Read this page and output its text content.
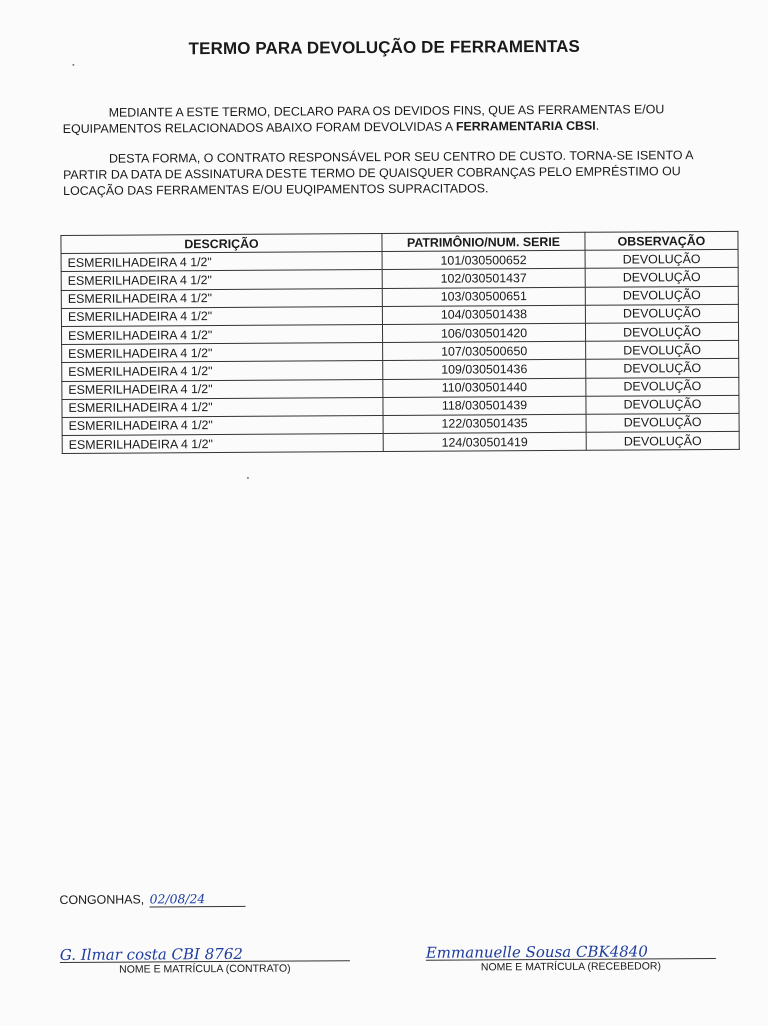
TERMO PARA DEVOLUÇÃO DE FERRAMENTAS
MEDIANTE A ESTE TERMO, DECLARO PARA OS DEVIDOS FINS, QUE AS FERRAMENTAS E/OU EQUIPAMENTOS RELACIONADOS ABAIXO FORAM DEVOLVIDAS A FERRAMENTARIA CBSI.
DESTA FORMA, O CONTRATO RESPONSÁVEL POR SEU CENTRO DE CUSTO. TORNA-SE ISENTO A PARTIR DA DATA DE ASSINATURA DESTE TERMO DE QUAISQUER COBRANÇAS PELO EMPRÉSTIMO OU LOCAÇÃO DAS FERRAMENTAS E/OU EUQIPAMENTOS SUPRACITADOS.
DESCRIÇÃO	PATRIMÔNIO/NUM. SERIE	OBSERVAÇÃO
ESMERILHADEIRA 4 1/2"	101/030500652	DEVOLUÇÃO
ESMERILHADEIRA 4 1/2"	102/030501437	DEVOLUÇÃO
ESMERILHADEIRA 4 1/2"	103/030500651	DEVOLUÇÃO
ESMERILHADEIRA 4 1/2"	104/030501438	DEVOLUÇÃO
ESMERILHADEIRA 4 1/2"	106/030501420	DEVOLUÇÃO
ESMERILHADEIRA 4 1/2"	107/030500650	DEVOLUÇÃO
ESMERILHADEIRA 4 1/2"	109/030501436	DEVOLUÇÃO
ESMERILHADEIRA 4 1/2"	110/030501440	DEVOLUÇÃO
ESMERILHADEIRA 4 1/2"	118/030501439	DEVOLUÇÃO
ESMERILHADEIRA 4 1/2"	122/030501435	DEVOLUÇÃO
ESMERILHADEIRA 4 1/2"	124/030501419	DEVOLUÇÃO
CONGONHAS, 02/08/24
G. Ilmar costa CBI 8762
NOME E MATRÍCULA (CONTRATO)
Emmanuelle Sousa CBK4840
NOME E MATRÍCULA (RECEBEDOR)
